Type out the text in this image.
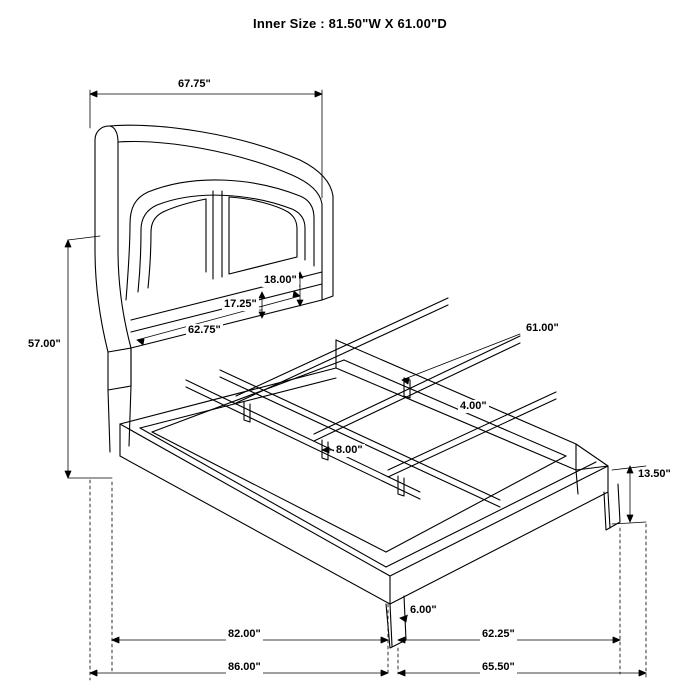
Inner Size : 81.50"W X 61.00"D
67.75"
57.00"
18.00"
17.25"
62.75"	61.00"
4.00"
8.00"
13.50"
6.00"
82.00"	62.25"
86.00"	65.50"
